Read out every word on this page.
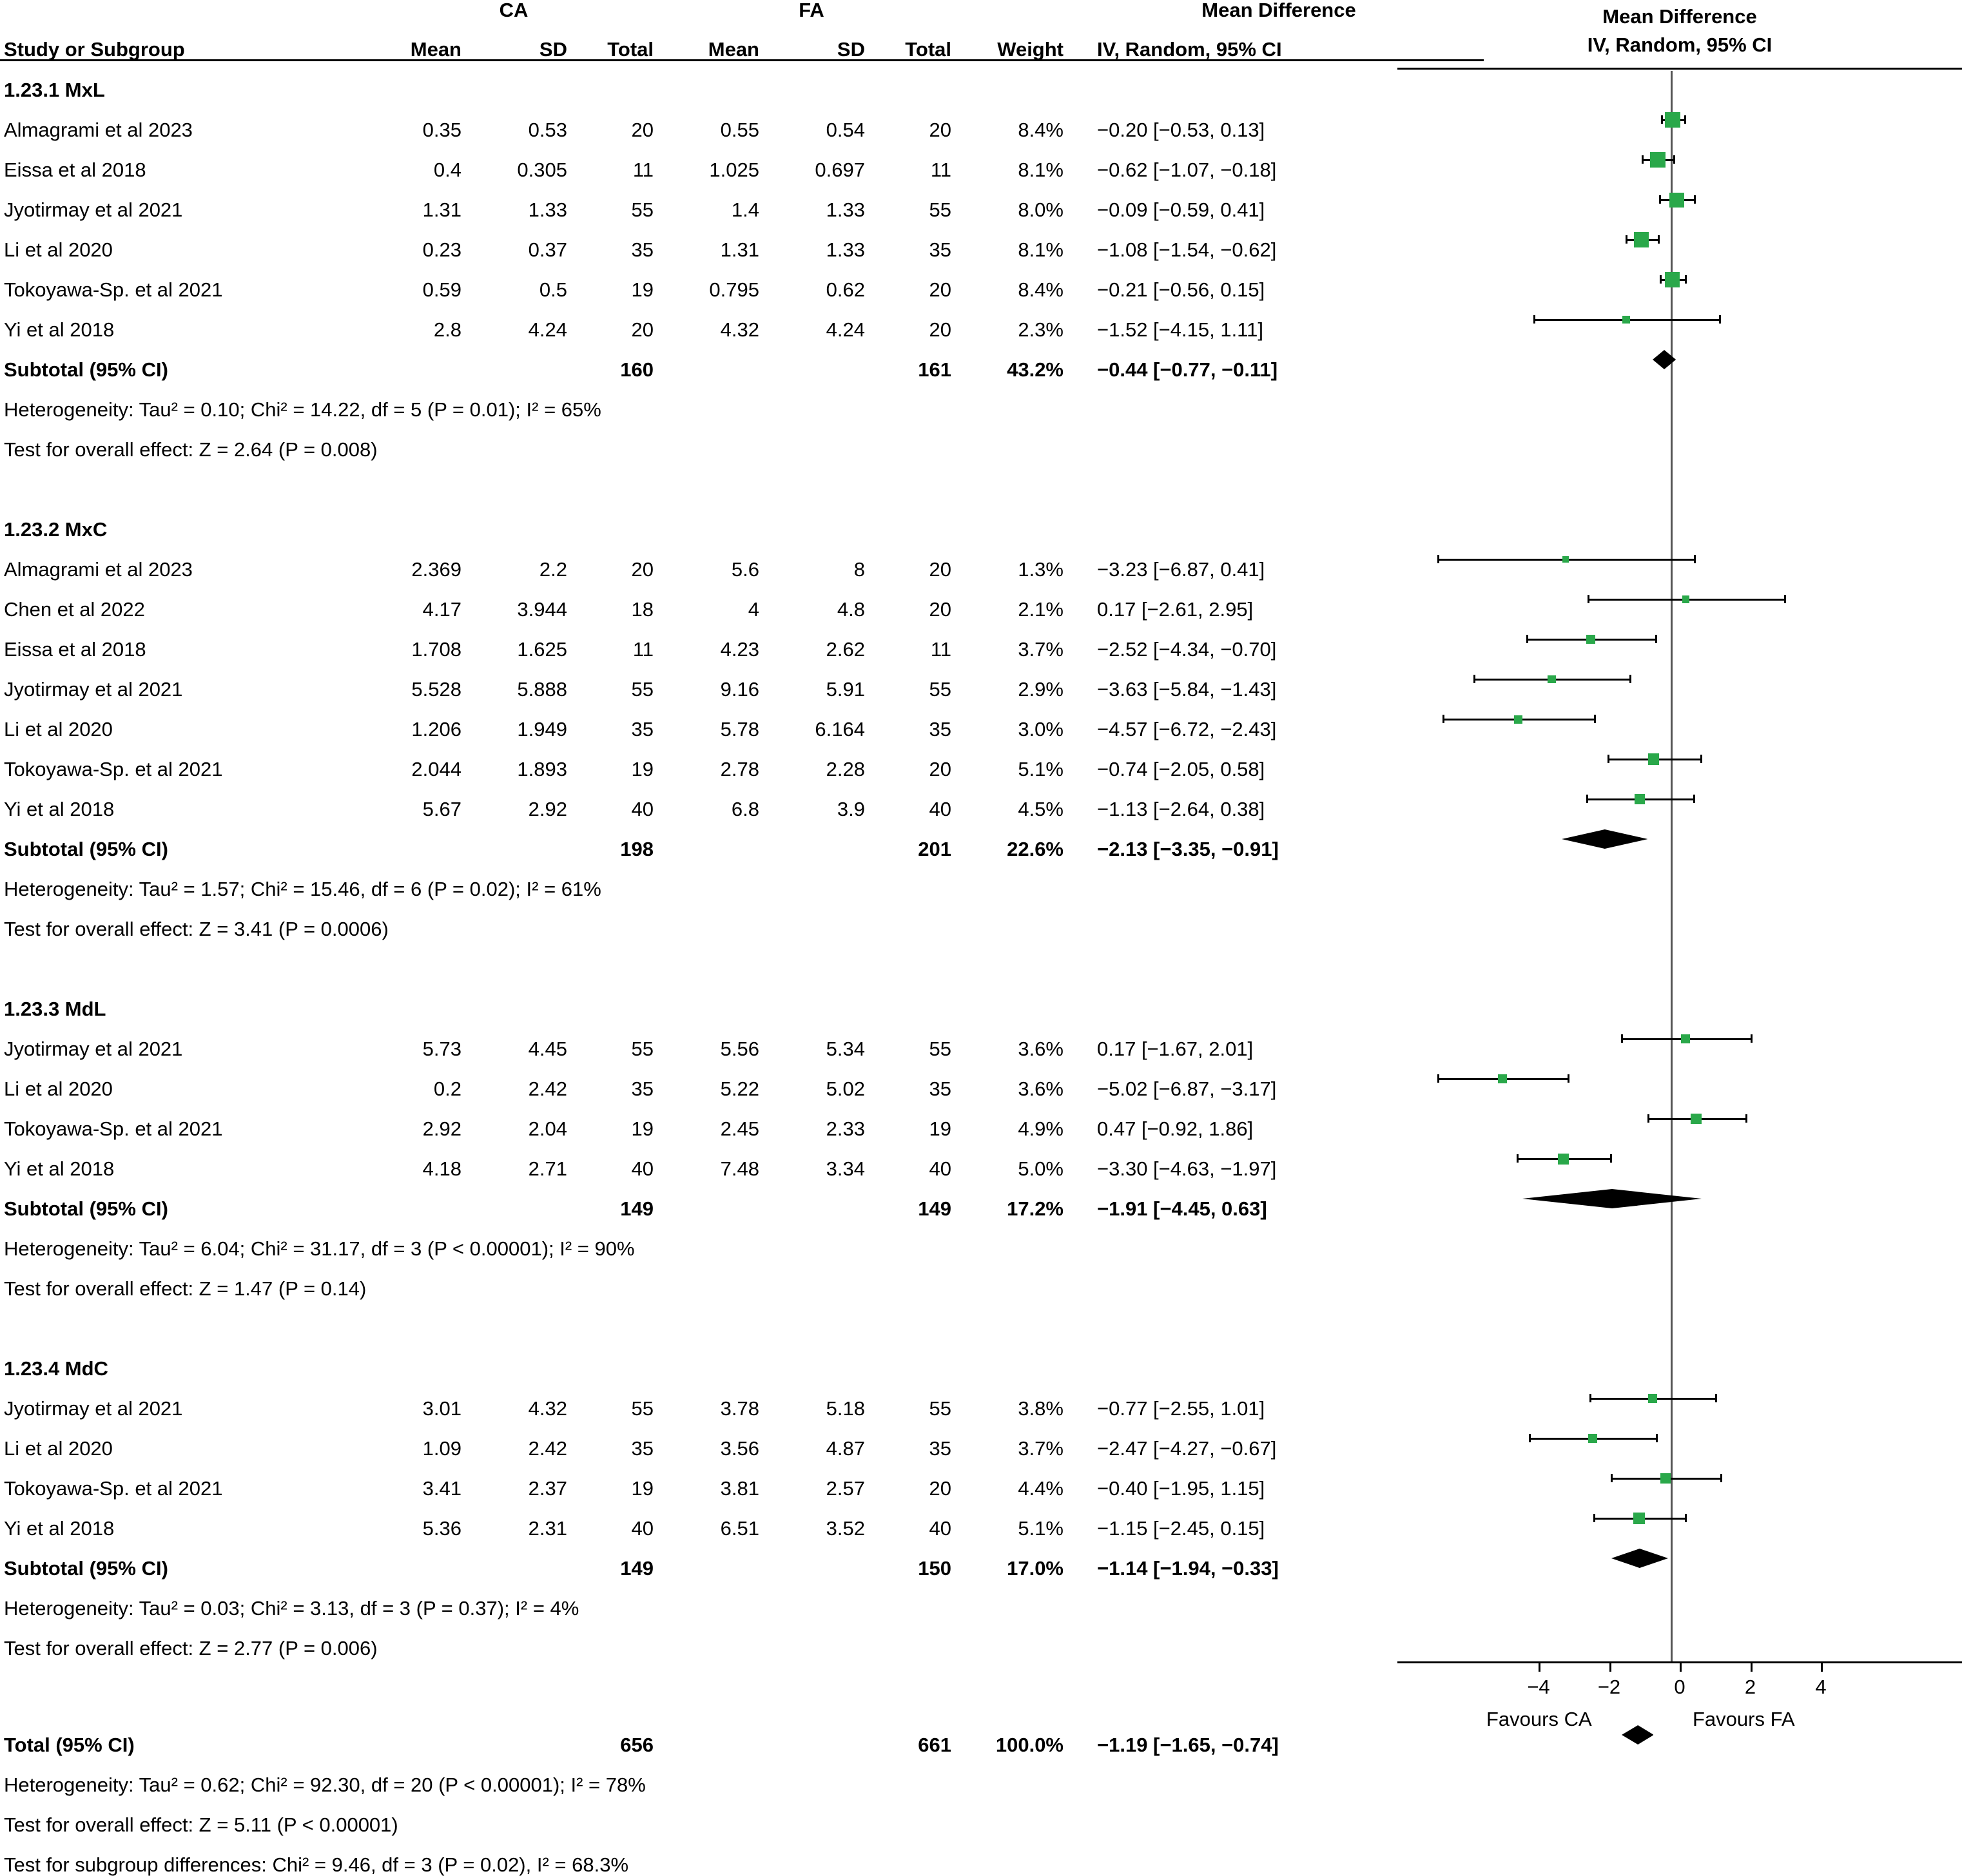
	CA			FA				Mean Difference
Study or Subgroup	Mean	SD	Total	Mean	SD	Total	Weight	IV, Random, 95% CI
1.23.1 MxL								
Almagrami et al 2023	0.35	0.53	20	0.55	0.54	20	8.4%	−0.20 [−0.53, 0.13]
Eissa et al 2018	0.4	0.305	11	1.025	0.697	11	8.1%	−0.62 [−1.07, −0.18]
Jyotirmay et al 2021	1.31	1.33	55	1.4	1.33	55	8.0%	−0.09 [−0.59, 0.41]
Li et al 2020	0.23	0.37	35	1.31	1.33	35	8.1%	−1.08 [−1.54, −0.62]
Tokoyawa-Sp. et al 2021	0.59	0.5	19	0.795	0.62	20	8.4%	−0.21 [−0.56, 0.15]
Yi et al 2018	2.8	4.24	20	4.32	4.24	20	2.3%	−1.52 [−4.15, 1.11]
Subtotal (95% CI)			160			161	43.2%	−0.44 [−0.77, −0.11]
Heterogeneity: Tau² = 0.10; Chi² = 14.22, df = 5 (P = 0.01); I² = 65%								
Test for overall effect: Z = 2.64 (P = 0.008)								

1.23.2 MxC								
Almagrami et al 2023	2.369	2.2	20	5.6	8	20	1.3%	−3.23 [−6.87, 0.41]
Chen et al 2022	4.17	3.944	18	4	4.8	20	2.1%	0.17 [−2.61, 2.95]
Eissa et al 2018	1.708	1.625	11	4.23	2.62	11	3.7%	−2.52 [−4.34, −0.70]
Jyotirmay et al 2021	5.528	5.888	55	9.16	5.91	55	2.9%	−3.63 [−5.84, −1.43]
Li et al 2020	1.206	1.949	35	5.78	6.164	35	3.0%	−4.57 [−6.72, −2.43]
Tokoyawa-Sp. et al 2021	2.044	1.893	19	2.78	2.28	20	5.1%	−0.74 [−2.05, 0.58]
Yi et al 2018	5.67	2.92	40	6.8	3.9	40	4.5%	−1.13 [−2.64, 0.38]
Subtotal (95% CI)			198			201	22.6%	−2.13 [−3.35, −0.91]
Heterogeneity: Tau² = 1.57; Chi² = 15.46, df = 6 (P = 0.02); I² = 61%								
Test for overall effect: Z = 3.41 (P = 0.0006)								

1.23.3 MdL								
Jyotirmay et al 2021	5.73	4.45	55	5.56	5.34	55	3.6%	0.17 [−1.67, 2.01]
Li et al 2020	0.2	2.42	35	5.22	5.02	35	3.6%	−5.02 [−6.87, −3.17]
Tokoyawa-Sp. et al 2021	2.92	2.04	19	2.45	2.33	19	4.9%	0.47 [−0.92, 1.86]
Yi et al 2018	4.18	2.71	40	7.48	3.34	40	5.0%	−3.30 [−4.63, −1.97]
Subtotal (95% CI)			149			149	17.2%	−1.91 [−4.45, 0.63]
Heterogeneity: Tau² = 6.04; Chi² = 31.17, df = 3 (P < 0.00001); I² = 90%								
Test for overall effect: Z = 1.47 (P = 0.14)								

1.23.4 MdC								
Jyotirmay et al 2021	3.01	4.32	55	3.78	5.18	55	3.8%	−0.77 [−2.55, 1.01]
Li et al 2020	1.09	2.42	35	3.56	4.87	35	3.7%	−2.47 [−4.27, −0.67]
Tokoyawa-Sp. et al 2021	3.41	2.37	19	3.81	2.57	20	4.4%	−0.40 [−1.95, 1.15]
Yi et al 2018	5.36	2.31	40	6.51	3.52	40	5.1%	−1.15 [−2.45, 0.15]
Subtotal (95% CI)			149			150	17.0%	−1.14 [−1.94, −0.33]
Heterogeneity: Tau² = 0.03; Chi² = 3.13, df = 3 (P = 0.37); I² = 4%								
Test for overall effect: Z = 2.77 (P = 0.006)								

Total (95% CI)			656			661	100.0%	−1.19 [−1.65, −0.74]
Heterogeneity: Tau² = 0.62; Chi² = 92.30, df = 20 (P < 0.00001); I² = 78%								
Test for overall effect: Z = 5.11 (P < 0.00001)								
Test for subgroup differences: Chi² = 9.46, df = 3 (P = 0.02), I² = 68.3%								
Mean Difference
IV, Random, 95% CI
−4	−2	0	2	4
Favours CA	Favours FA
